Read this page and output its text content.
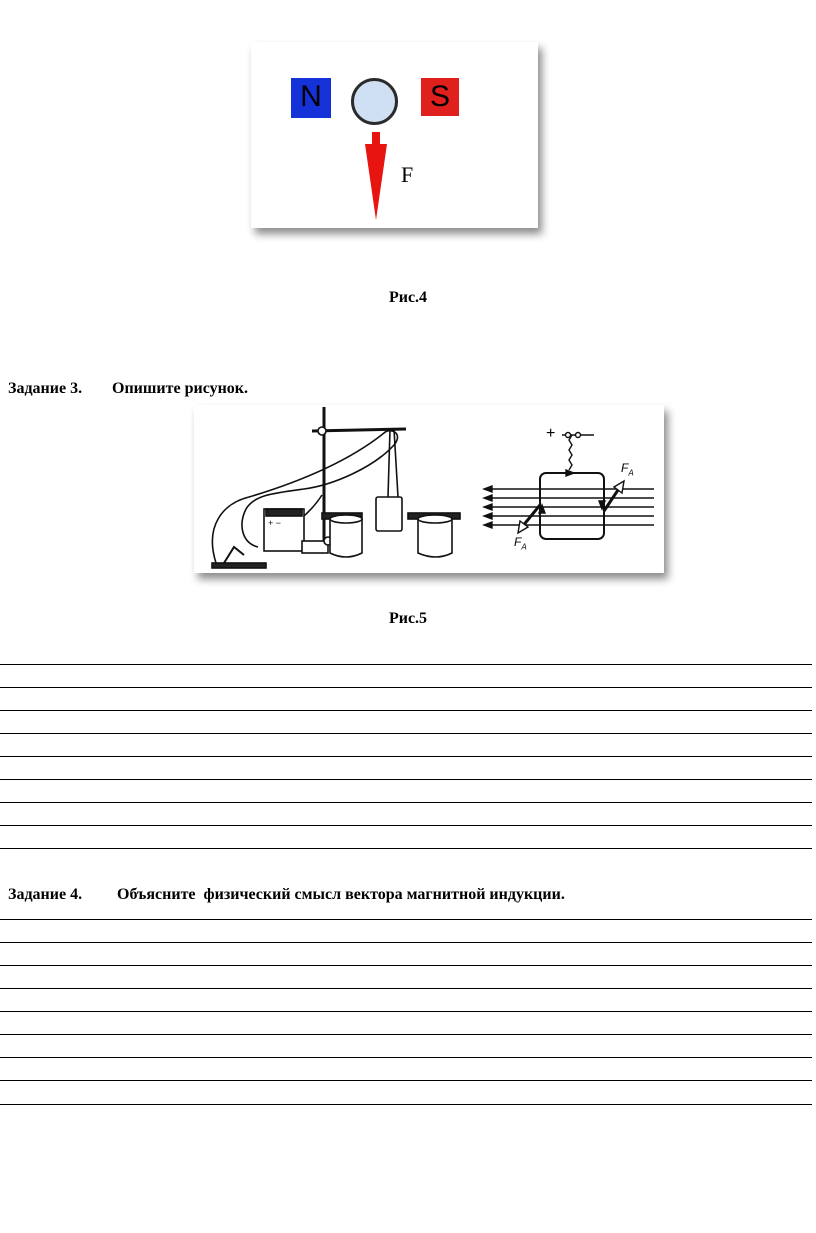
N	S
F
Рис.4

Задание 3. Опишите рисунок.

+ −
+
$F_A$
$F_A$
Рис.5

Задание 4. Объясните  физический смысл вектора магнитной индукции.
